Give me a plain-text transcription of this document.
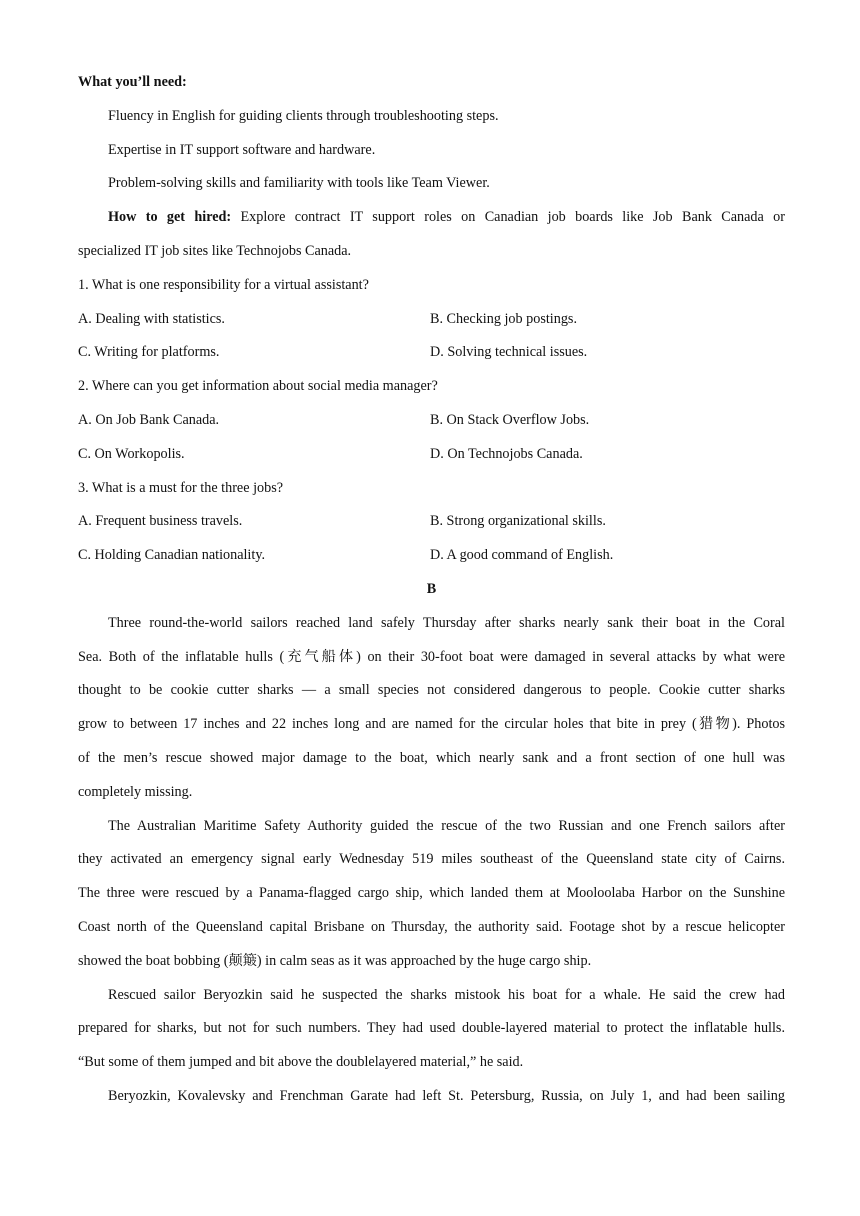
What you’ll need:
Fluency in English for guiding clients through troubleshooting steps.
Expertise in IT support software and hardware.
Problem-solving skills and familiarity with tools like Team Viewer.
How to get hired: Explore contract IT support roles on Canadian job boards like Job Bank Canada or
specialized IT job sites like Technojobs Canada.
1. What is one responsibility for a virtual assistant?
A. Dealing with statistics.	B. Checking job postings.
C. Writing for platforms.	D. Solving technical issues.
2. Where can you get information about social media manager?
A. On Job Bank Canada.	B. On Stack Overflow Jobs.
C. On Workopolis.	D. On Technojobs Canada.
3. What is a must for the three jobs?
A. Frequent business travels.	B. Strong organizational skills.
C. Holding Canadian nationality.	D. A good command of English.
B
Three round-the-world sailors reached land safely Thursday after sharks nearly sank their boat in the Coral
Sea. Both of the inflatable hulls (充气船体) on their 30-foot boat were damaged in several attacks by what were
thought to be cookie cutter sharks — a small species not considered dangerous to people. Cookie cutter sharks
grow to between 17 inches and 22 inches long and are named for the circular holes that bite in prey (猎物). Photos
of the men’s rescue showed major damage to the boat, which nearly sank and a front section of one hull was
completely missing.
The Australian Maritime Safety Authority guided the rescue of the two Russian and one French sailors after
they activated an emergency signal early Wednesday 519 miles southeast of the Queensland state city of Cairns.
The three were rescued by a Panama-flagged cargo ship, which landed them at Mooloolaba Harbor on the Sunshine
Coast north of the Queensland capital Brisbane on Thursday, the authority said. Footage shot by a rescue helicopter
showed the boat bobbing (颠簸) in calm seas as it was approached by the huge cargo ship.
Rescued sailor Beryozkin said he suspected the sharks mistook his boat for a whale. He said the crew had
prepared for sharks, but not for such numbers. They had used double-layered material to protect the inflatable hulls.
“But some of them jumped and bit above the doublelayered material,” he said.
Beryozkin, Kovalevsky and Frenchman Garate had left St. Petersburg, Russia, on July 1, and had been sailing
